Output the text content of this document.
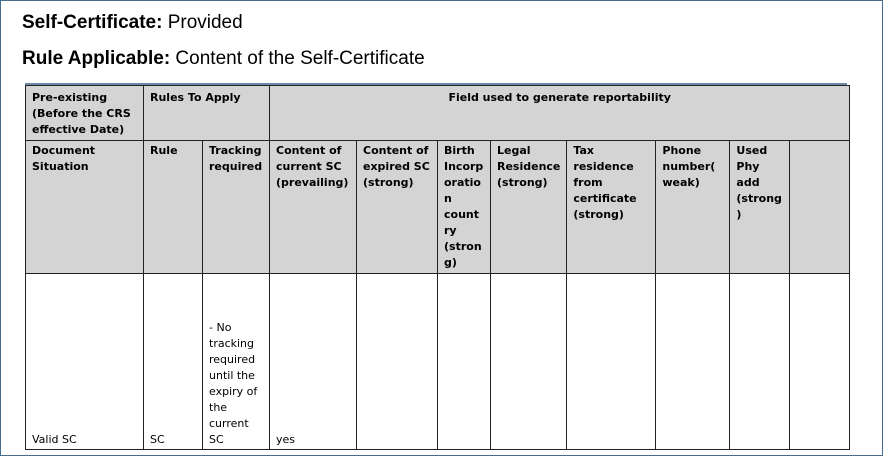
Self-Certificate: Provided
Rule Applicable: Content of the Self-Certificate
Pre-existing (Before the CRS effective Date)	Rules To Apply		Field used to generate reportability							
Document Situation	Rule	Tracking required	Content of current SC (prevailing)	Content of expired SC (strong)	Birth Incorp oratio n count ry (stron g)	Legal Residence (strong)	Tax residence from certificate (strong)	Phone number( weak)	Used Phy add (strong )	
Valid SC	SC	- No tracking required until the expiry of the current SC	yes							
